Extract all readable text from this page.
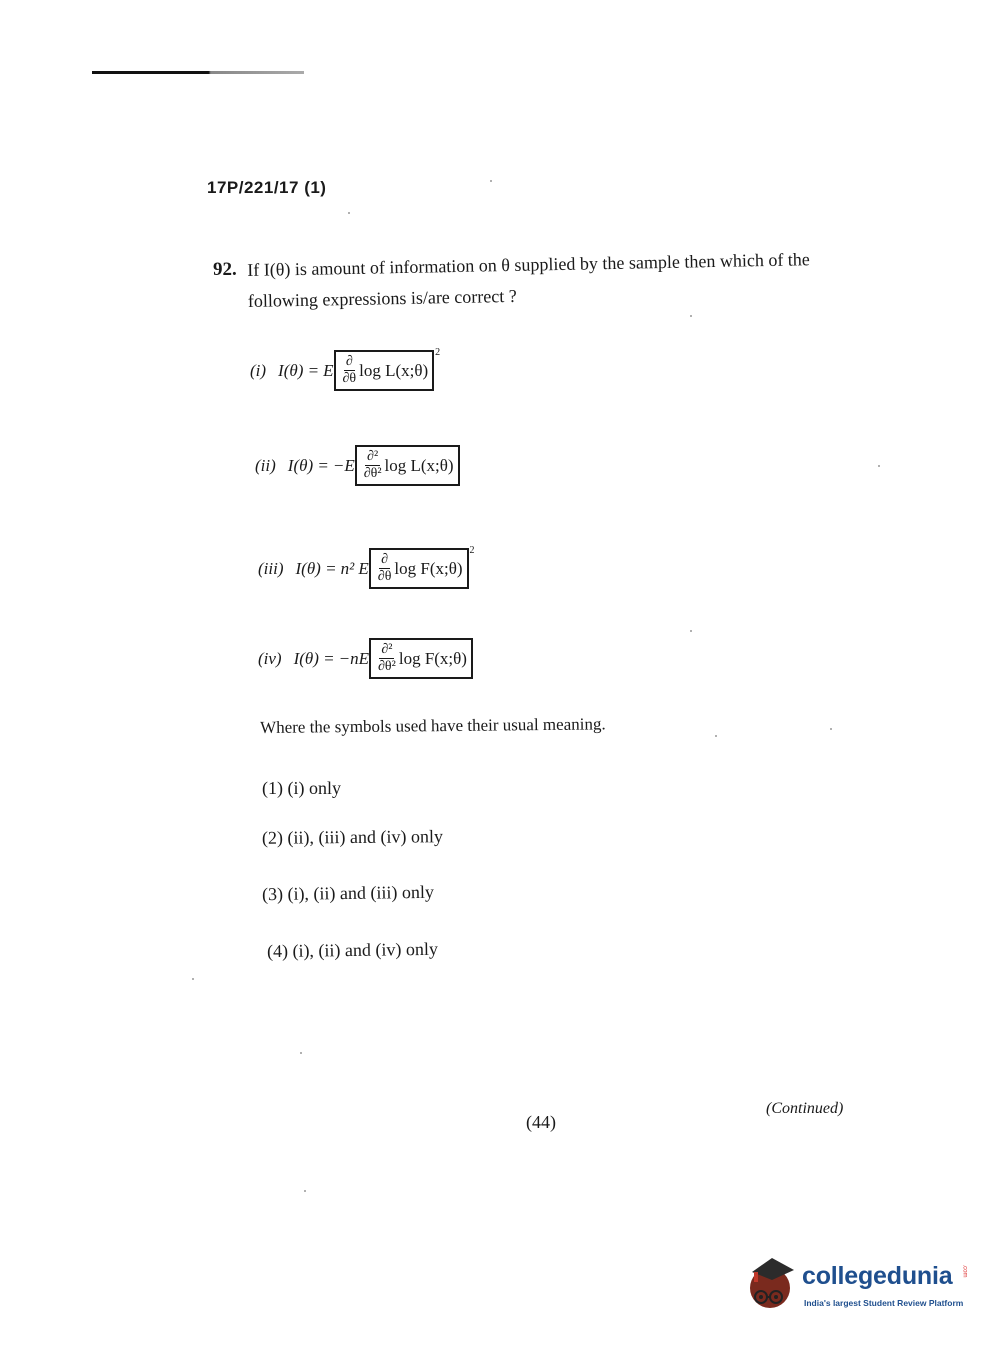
17P/221/17 (1)
92. If I(θ) is amount of information on θ supplied by the sample then which of the following expressions is/are correct ?
(i) I(θ) = E $\frac{\partial}{\partial\theta}$ log L(x;θ)
2
(ii) $I(\theta) = -E \frac{\text{∂²}}{\text{∂θ²}}$ log L(x;θ)
(iii) I(θ) = n² E $\frac{\partial}{\partial\theta}$ log F(x;θ)
2
(iv) $I(\theta) = -nE \frac{\text{∂²}}{\text{∂θ²}}$ log F(x;θ)
Where the symbols used have their usual meaning.
(1) (i) only
(2) (ii), (iii) and (iv) only
(3) (i), (ii) and (iii) only
(4) (i), (ii) and (iv) only
(44)
(Continued)
collegedunia .com
India's largest Student Review Platform
